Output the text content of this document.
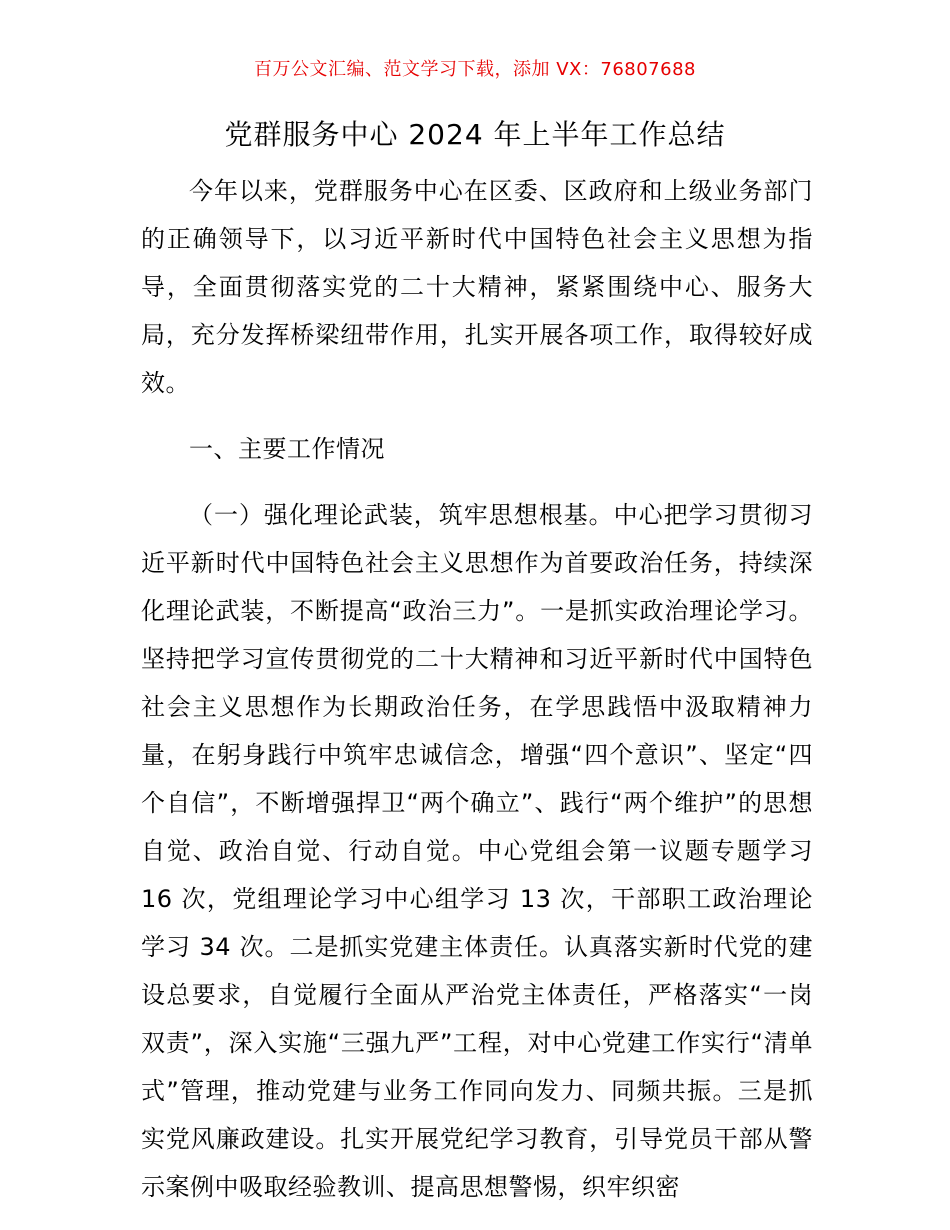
百万公文汇编、范文学习下载，添加 VX：76807688
党群服务中心 2024 年上半年工作总结

今年以来，党群服务中心在区委、区政府和上级业务部门的正确领导下，以习近平新时代中国特色社会主义思想为指导，全面贯彻落实党的二十大精神，紧紧围绕中心、服务大局，充分发挥桥梁纽带作用，扎实开展各项工作，取得较好成效。

一、主要工作情况

（一）强化理论武装，筑牢思想根基。中心把学习贯彻习近平新时代中国特色社会主义思想作为首要政治任务，持续深化理论武装，不断提高“政治三力”。一是抓实政治理论学习。坚持把学习宣传贯彻党的二十大精神和习近平新时代中国特色社会主义思想作为长期政治任务，在学思践悟中汲取精神力量，在躬身践行中筑牢忠诚信念，增强“四个意识”、坚定“四个自信”，不断增强捍卫“两个确立”、践行“两个维护”的思想自觉、政治自觉、行动自觉。中心党组会第一议题专题学习 16 次，党组理论学习中心组学习 13 次，干部职工政治理论学习 34 次。二是抓实党建主体责任。认真落实新时代党的建设总要求，自觉履行全面从严治党主体责任，严格落实“一岗双责”，深入实施“三强九严”工程，对中心党建工作实行“清单式”管理，推动党建与业务工作同向发力、同频共振。三是抓实党风廉政建设。扎实开展党纪学习教育，引导党员干部从警示案例中吸取经验教训、提高思想警惕，织牢织密
